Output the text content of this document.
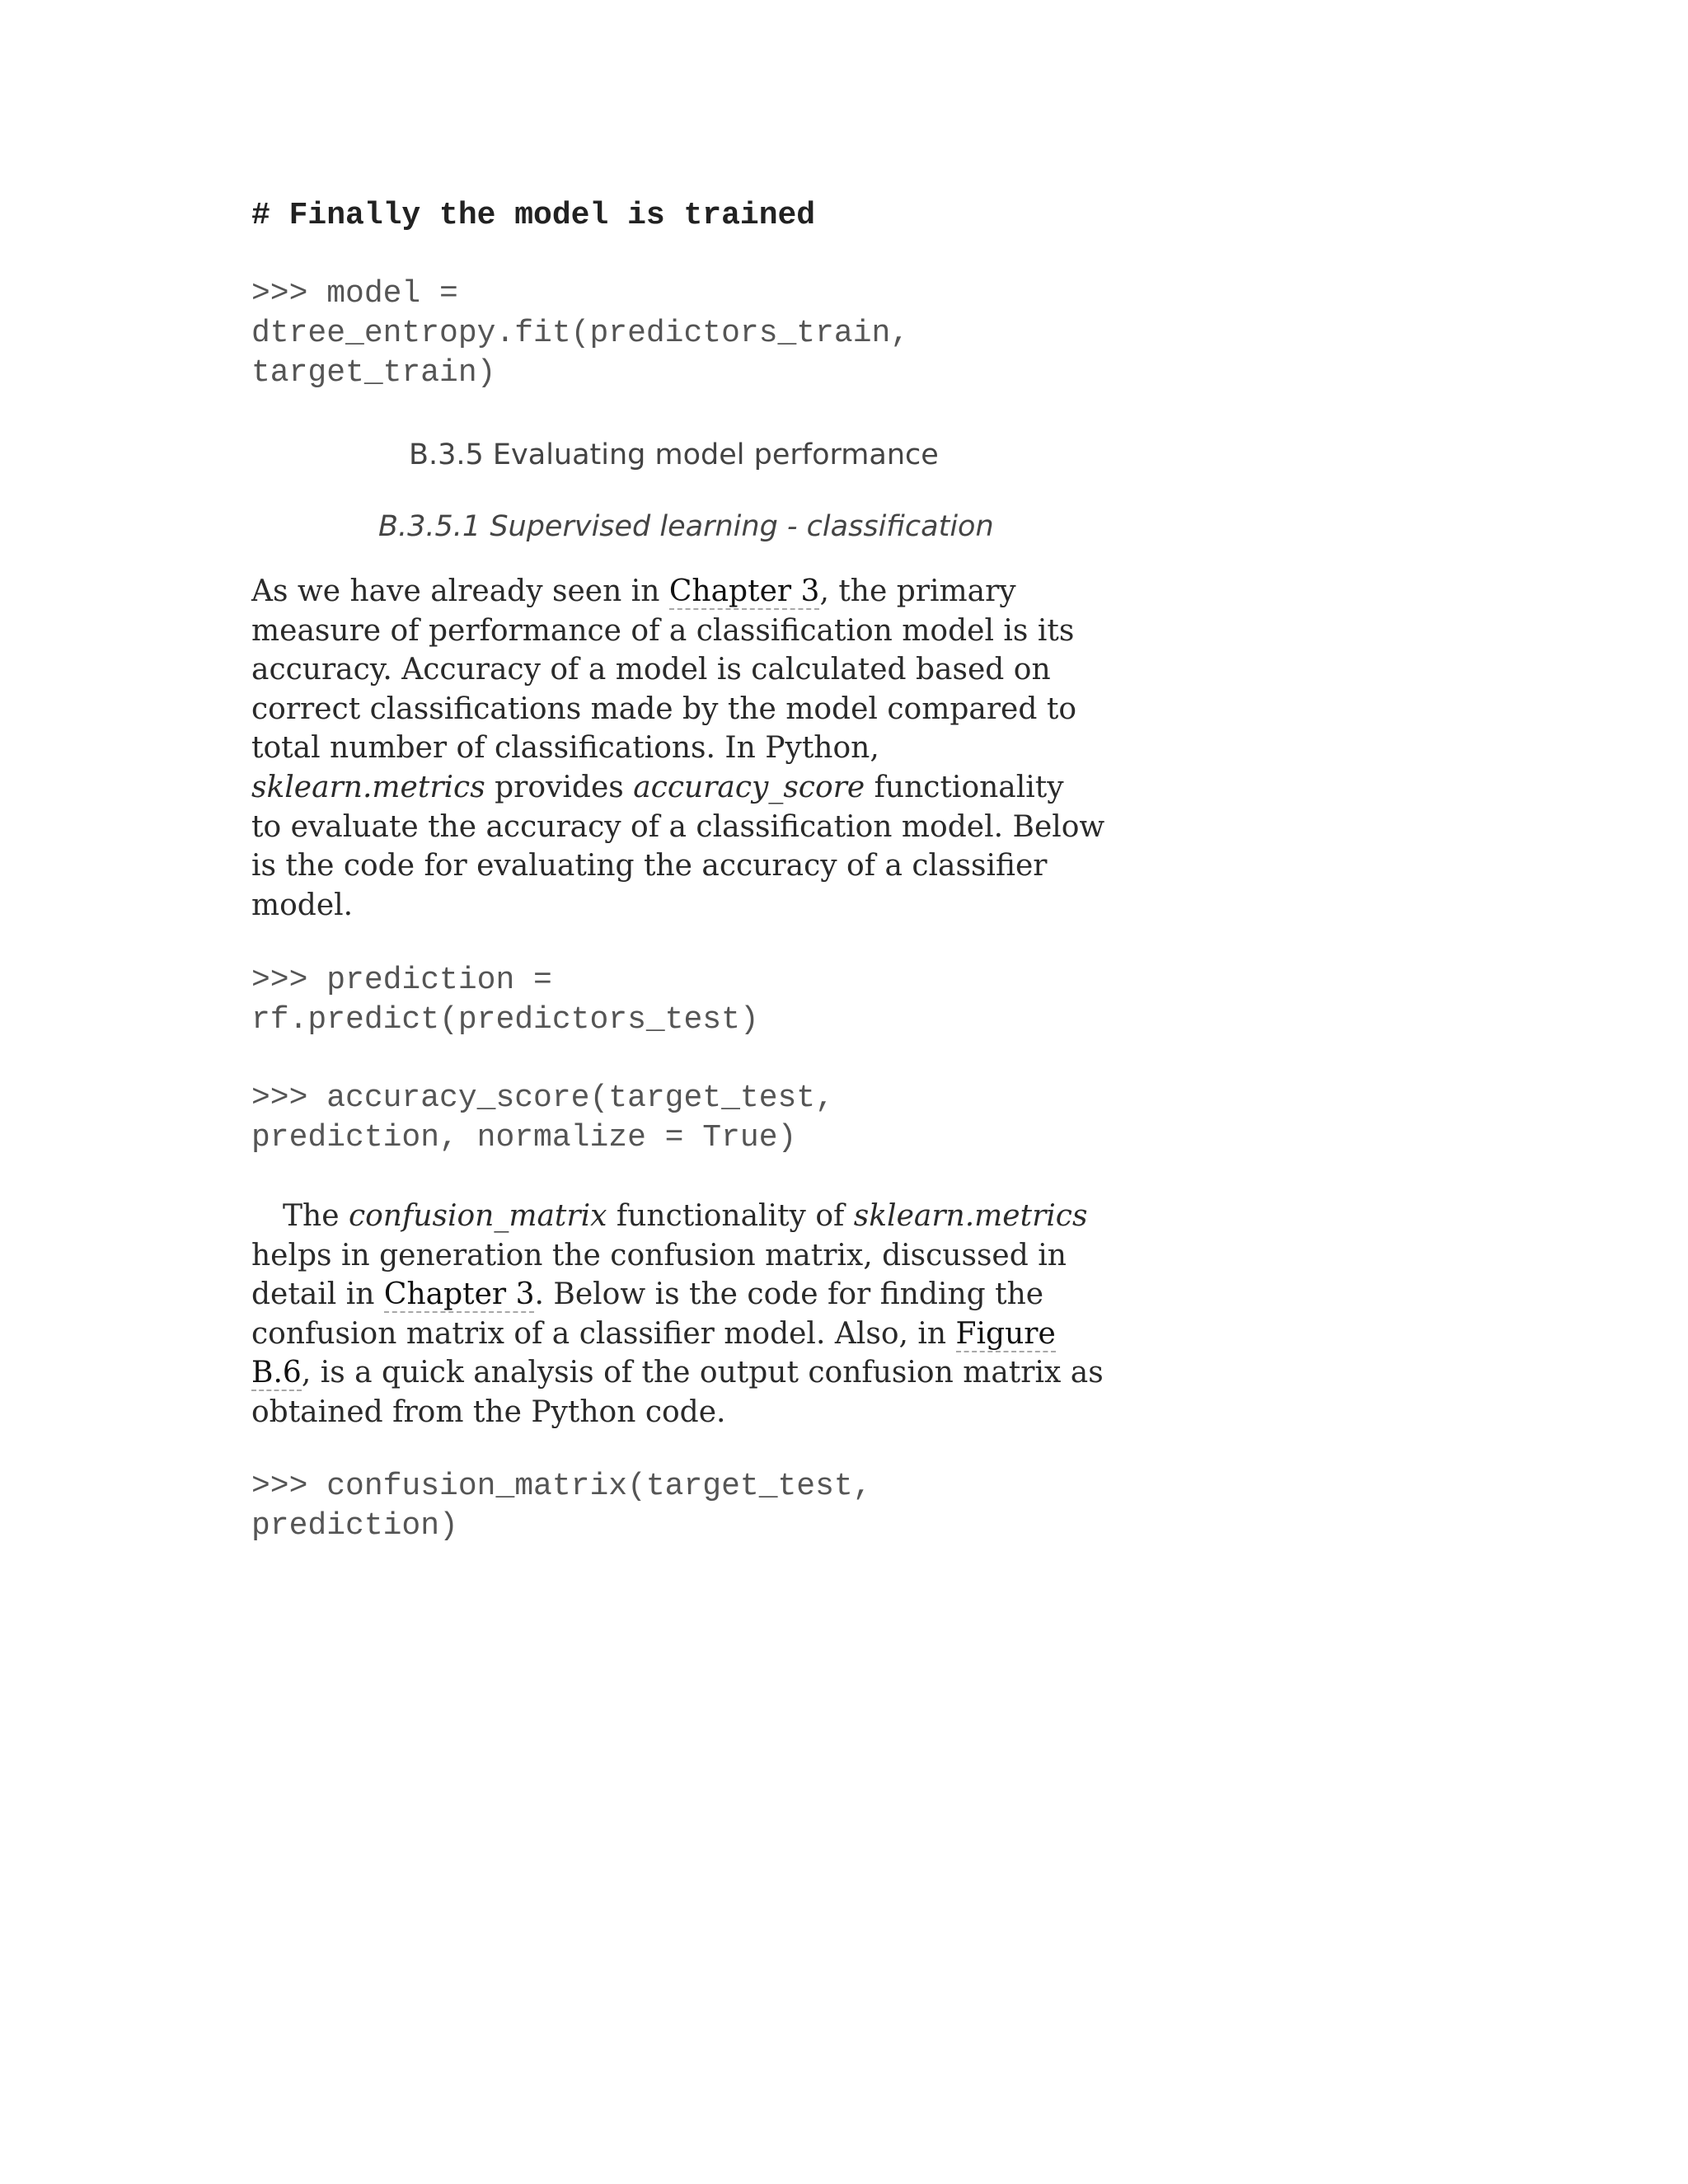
# Finally the model is trained
>>> model =
dtree_entropy.fit(predictors_train,
target_train)
B.3.5 Evaluating model performance
B.3.5.1 Supervised learning - classification

As we have already seen in Chapter 3, the primary
measure of performance of a classification model is its
accuracy. Accuracy of a model is calculated based on
correct classifications made by the model compared to
total number of classifications. In Python,
sklearn.metrics provides accuracy_score functionality
to evaluate the accuracy of a classification model. Below
is the code for evaluating the accuracy of a classifier
model.

>>> prediction =
rf.predict(predictors_test)
>>> accuracy_score(target_test,
prediction, normalize = True)

The confusion_matrix functionality of sklearn.metrics
helps in generation the confusion matrix, discussed in
detail in Chapter 3. Below is the code for finding the
confusion matrix of a classifier model. Also, in Figure
B.6, is a quick analysis of the output confusion matrix as
obtained from the Python code.

>>> confusion_matrix(target_test,
prediction)
